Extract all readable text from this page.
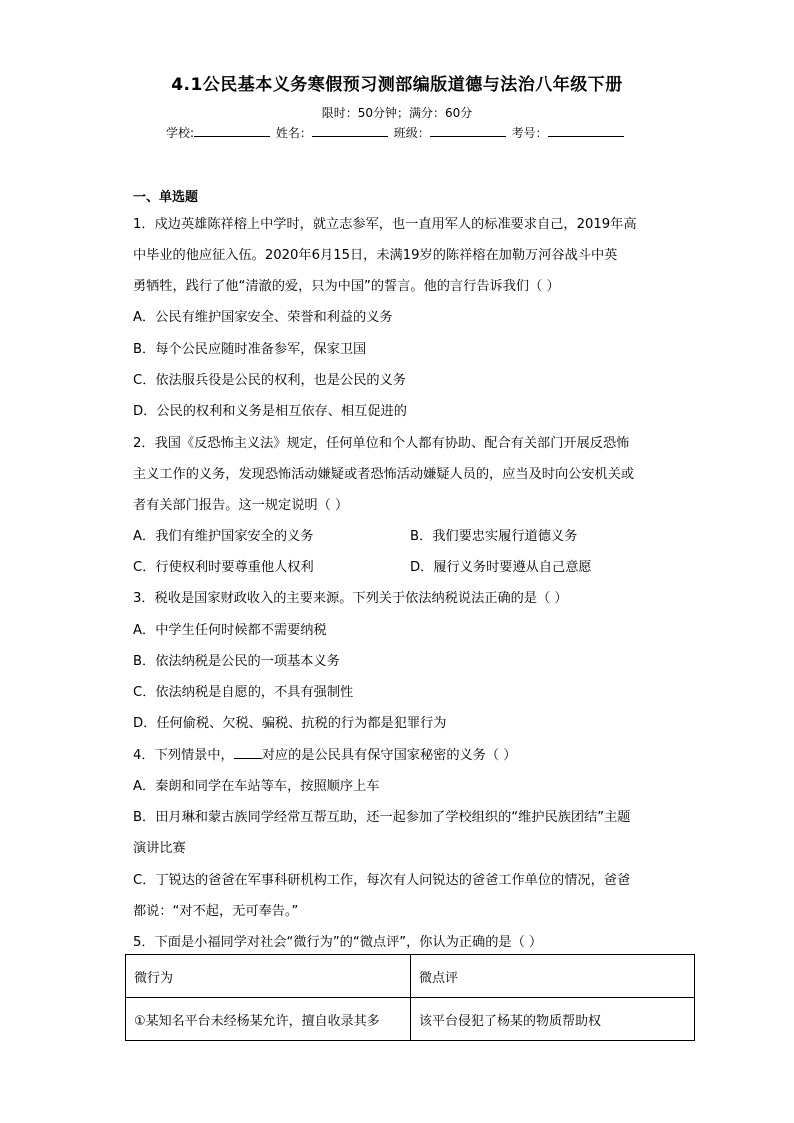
4.1公民基本义务寒假预习测部编版道德与法治八年级下册
限时：50分钟；满分：60分
学校:	姓名：	班级：	考号：
一、单选题
1．戍边英雄陈祥榕上中学时，就立志参军，也一直用军人的标准要求自己，2019年高
中毕业的他应征入伍。2020年6月15日，未满19岁的陈祥榕在加勒万河谷战斗中英
勇牺牲，践行了他“清澈的爱，只为中国”的誓言。他的言行告诉我们（ ）
A．公民有维护国家安全、荣誉和利益的义务
B．每个公民应随时准备参军，保家卫国
C．依法服兵役是公民的权利，也是公民的义务
D．公民的权利和义务是相互依存、相互促进的
2．我国《反恐怖主义法》规定，任何单位和个人都有协助、配合有关部门开展反恐怖
主义工作的义务，发现恐怖活动嫌疑或者恐怖活动嫌疑人员的，应当及时向公安机关或
者有关部门报告。这一规定说明（ ）
A．我们有维护国家安全的义务	B．我们要忠实履行道德义务
C．行使权利时要尊重他人权利	D．履行义务时要遵从自己意愿
3．税收是国家财政收入的主要来源。下列关于依法纳税说法正确的是（ ）
A．中学生任何时候都不需要纳税
B．依法纳税是公民的一项基本义务
C．依法纳税是自愿的，不具有强制性
D．任何偷税、欠税、骗税、抗税的行为都是犯罪行为
4．下列情景中， 对应的是公民具有保守国家秘密的义务（ ）
A．秦朗和同学在车站等车，按照顺序上车
B．田月琳和蒙古族同学经常互帮互助，还一起参加了学校组织的“维护民族团结”主题
演讲比赛
C．丁锐达的爸爸在军事科研机构工作，每次有人问锐达的爸爸工作单位的情况，爸爸
都说：“对不起，无可奉告。”
5．下面是小福同学对社会“微行为”的“微点评”，你认为正确的是（ ）
微行为	微点评
①某知名平台未经杨某允许，擅自收录其多	该平台侵犯了杨某的物质帮助权
